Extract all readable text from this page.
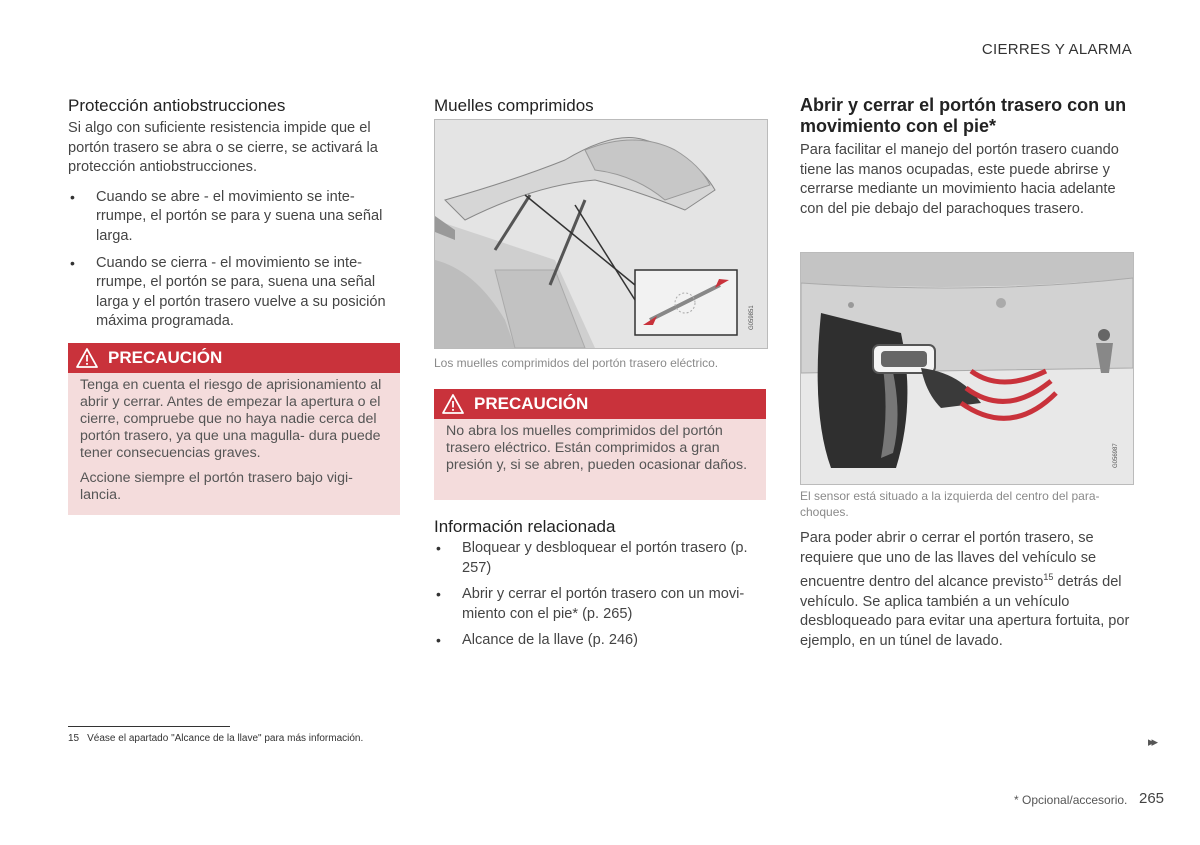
CIERRES Y ALARMA
Protección antiobstrucciones

Si algo con suficiente resistencia impide que el portón trasero se abra o se cierre, se activará la protección antiobstrucciones.

• Cuando se abre - el movimiento se inte- rrumpe, el portón se para y suena una señal larga.
• Cuando se cierra - el movimiento se inte- rrumpe, el portón se para, suena una señal larga y el portón trasero vuelve a su posición máxima programada.
PRECAUCIÓN

Tenga en cuenta el riesgo de aprisionamiento al abrir y cerrar. Antes de empezar la apertura o el cierre, compruebe que no haya nadie cerca del portón trasero, ya que una magulla- dura puede tener consecuencias graves.

Accione siempre el portón trasero bajo vigi- lancia.

Muelles comprimidos
G059851
Los muelles comprimidos del portón trasero eléctrico.
PRECAUCIÓN

No abra los muelles comprimidos del portón trasero eléctrico. Están comprimidos a gran presión y, si se abren, pueden ocasionar daños.

Información relacionada
• Bloquear y desbloquear el portón trasero (p. 257)
• Abrir y cerrar el portón trasero con un movi- miento con el pie* (p. 265)
• Alcance de la llave (p. 246)

Abrir y cerrar el portón trasero con un movimiento con el pie*

Para facilitar el manejo del portón trasero cuando tiene las manos ocupadas, este puede abrirse y cerrarse mediante un movimiento hacia adelante con del pie debajo del parachoques trasero.

G056987
El sensor está situado a la izquierda del centro del para- choques.

Para poder abrir o cerrar el portón trasero, se requiere que uno de las llaves del vehículo se encuentre dentro del alcance previsto$^{15}$ detrás del vehículo. Se aplica también a un vehículo desbloqueado para evitar una apertura fortuita, por ejemplo, en un túnel de lavado.

15 Véase el apartado "Alcance de la llave" para más información.	▸▸
* Opcional/accesorio. 265
